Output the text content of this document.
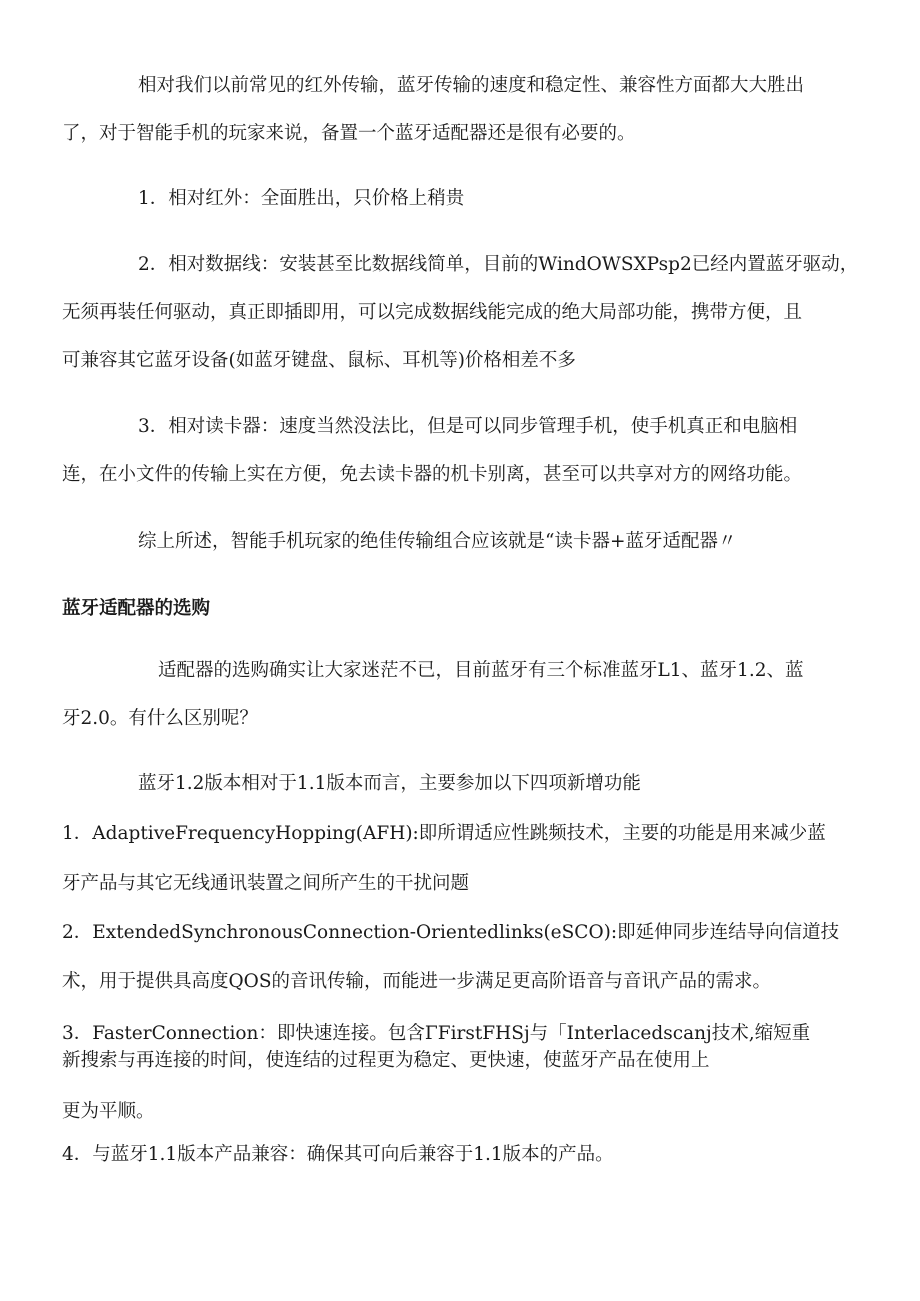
相对我们以前常见的红外传输，蓝牙传输的速度和稳定性、兼容性方面都大大胜出
了，对于智能手机的玩家来说，备置一个蓝牙适配器还是很有必要的。
1．相对红外：全面胜出，只价格上稍贵
2．相对数据线：安装甚至比数据线简单，目前的WindOWSXPsp2已经内置蓝牙驱动，
无须再装任何驱动，真正即插即用，可以完成数据线能完成的绝大局部功能，携带方便，且
可兼容其它蓝牙设备(如蓝牙键盘、鼠标、耳机等)价格相差不多
3．相对读卡器：速度当然没法比，但是可以同步管理手机，使手机真正和电脑相
连，在小文件的传输上实在方便，免去读卡器的机卡别离，甚至可以共享对方的网络功能。
综上所述，智能手机玩家的绝佳传输组合应该就是“读卡器+蓝牙适配器〃
蓝牙适配器的选购
适配器的选购确实让大家迷茫不已，目前蓝牙有三个标准蓝牙L1、蓝牙1.2、蓝
牙2.0。有什么区别呢？
蓝牙1.2版本相对于1.1版本而言，主要参加以下四项新增功能
1．AdaptiveFrequencyHopping(AFH):即所谓适应性跳频技术，主要的功能是用来减少蓝
牙产品与其它无线通讯装置之间所产生的干扰问题
2．ExtendedSynchronousConnection-Orientedlinks(eSCO):即延伸同步连结导向信道技
术，用于提供具高度QOS的音讯传输，而能进一步满足更高阶语音与音讯产品的需求。
3．FasterConnection：即快速连接。包含ΓFirstFHSj与「Interlacedscanj技术,缩短重
新搜索与再连接的时间，使连结的过程更为稳定、更快速，使蓝牙产品在使用上
更为平顺。
4．与蓝牙1.1版本产品兼容：确保其可向后兼容于1.1版本的产品。
